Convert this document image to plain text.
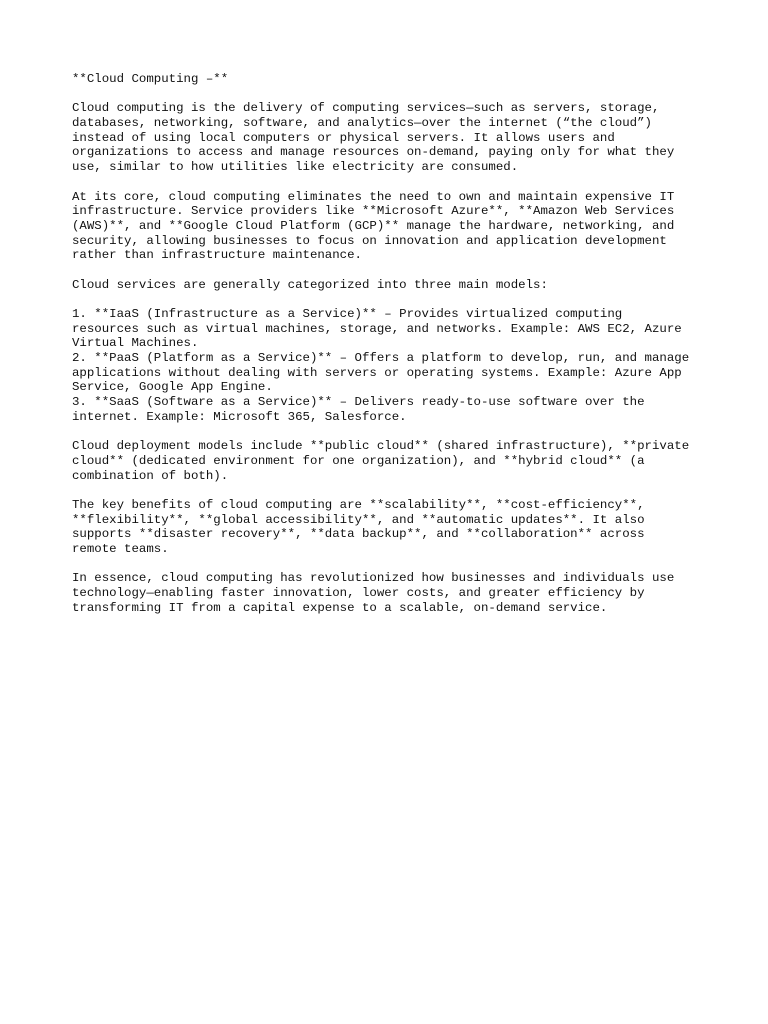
**Cloud Computing –**
Cloud computing is the delivery of computing services—such as servers, storage,
databases, networking, software, and analytics—over the internet (“the cloud”)
instead of using local computers or physical servers. It allows users and
organizations to access and manage resources on-demand, paying only for what they
use, similar to how utilities like electricity are consumed.
At its core, cloud computing eliminates the need to own and maintain expensive IT
infrastructure. Service providers like **Microsoft Azure**, **Amazon Web Services
(AWS)**, and **Google Cloud Platform (GCP)** manage the hardware, networking, and
security, allowing businesses to focus on innovation and application development
rather than infrastructure maintenance.
Cloud services are generally categorized into three main models:
1. **IaaS (Infrastructure as a Service)** – Provides virtualized computing
resources such as virtual machines, storage, and networks. Example: AWS EC2, Azure
Virtual Machines.
2. **PaaS (Platform as a Service)** – Offers a platform to develop, run, and manage
applications without dealing with servers or operating systems. Example: Azure App
Service, Google App Engine.
3. **SaaS (Software as a Service)** – Delivers ready-to-use software over the
internet. Example: Microsoft 365, Salesforce.
Cloud deployment models include **public cloud** (shared infrastructure), **private
cloud** (dedicated environment for one organization), and **hybrid cloud** (a
combination of both).
The key benefits of cloud computing are **scalability**, **cost-efficiency**,
**flexibility**, **global accessibility**, and **automatic updates**. It also
supports **disaster recovery**, **data backup**, and **collaboration** across
remote teams.
In essence, cloud computing has revolutionized how businesses and individuals use
technology—enabling faster innovation, lower costs, and greater efficiency by
transforming IT from a capital expense to a scalable, on-demand service.
